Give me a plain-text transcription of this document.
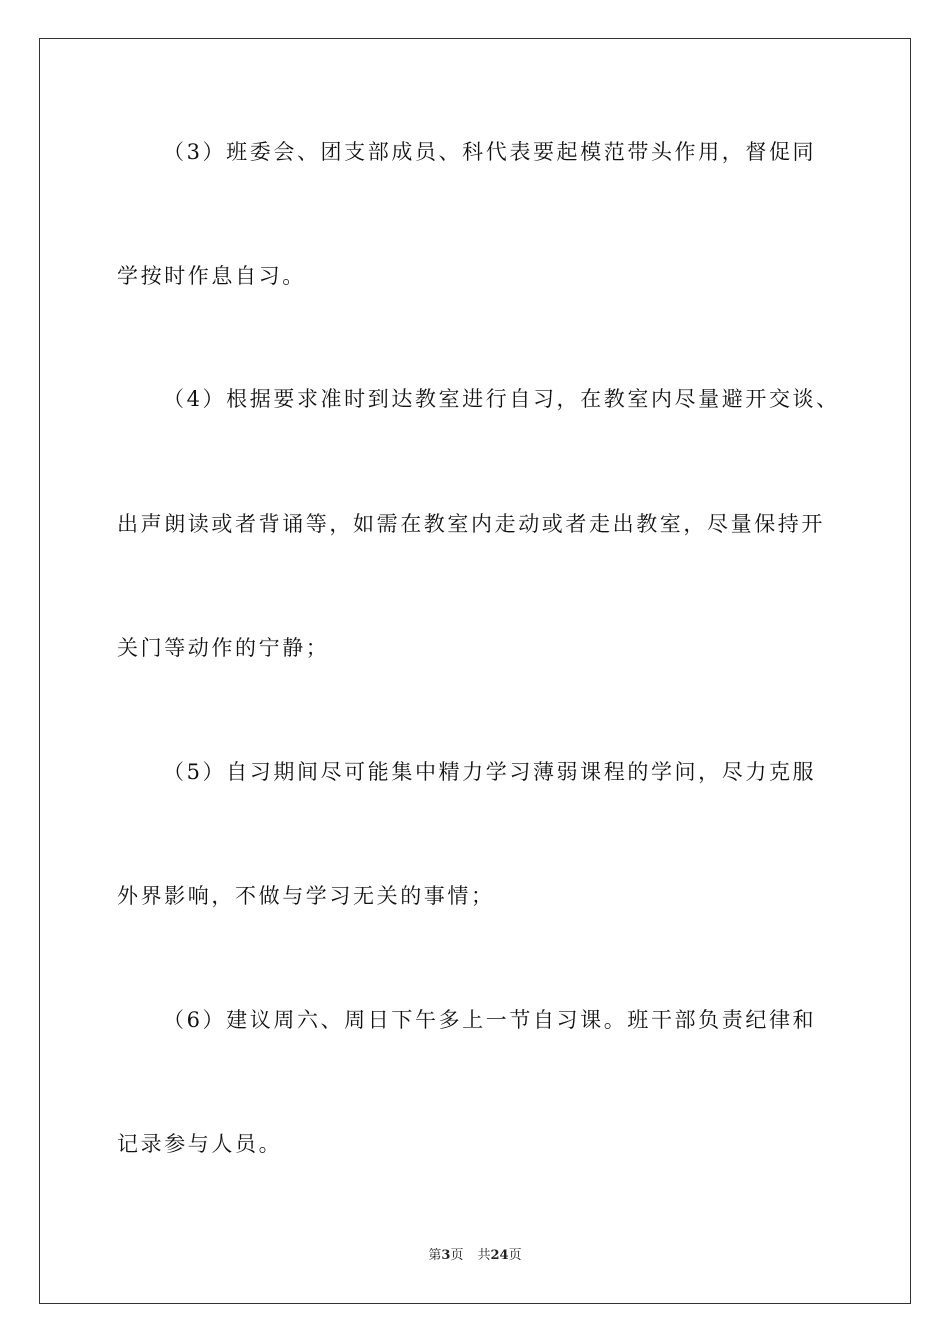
（3）班委会、团支部成员、科代表要起模范带头作用，督促同
学按时作息自习。
（4）根据要求准时到达教室进行自习，在教室内尽量避开交谈、
出声朗读或者背诵等，如需在教室内走动或者走出教室，尽量保持开
关门等动作的宁静；
（5）自习期间尽可能集中精力学习薄弱课程的学问，尽力克服
外界影响，不做与学习无关的事情；
（6）建议周六、周日下午多上一节自习课。班干部负责纪律和
记录参与人员。
第3页 共24页
